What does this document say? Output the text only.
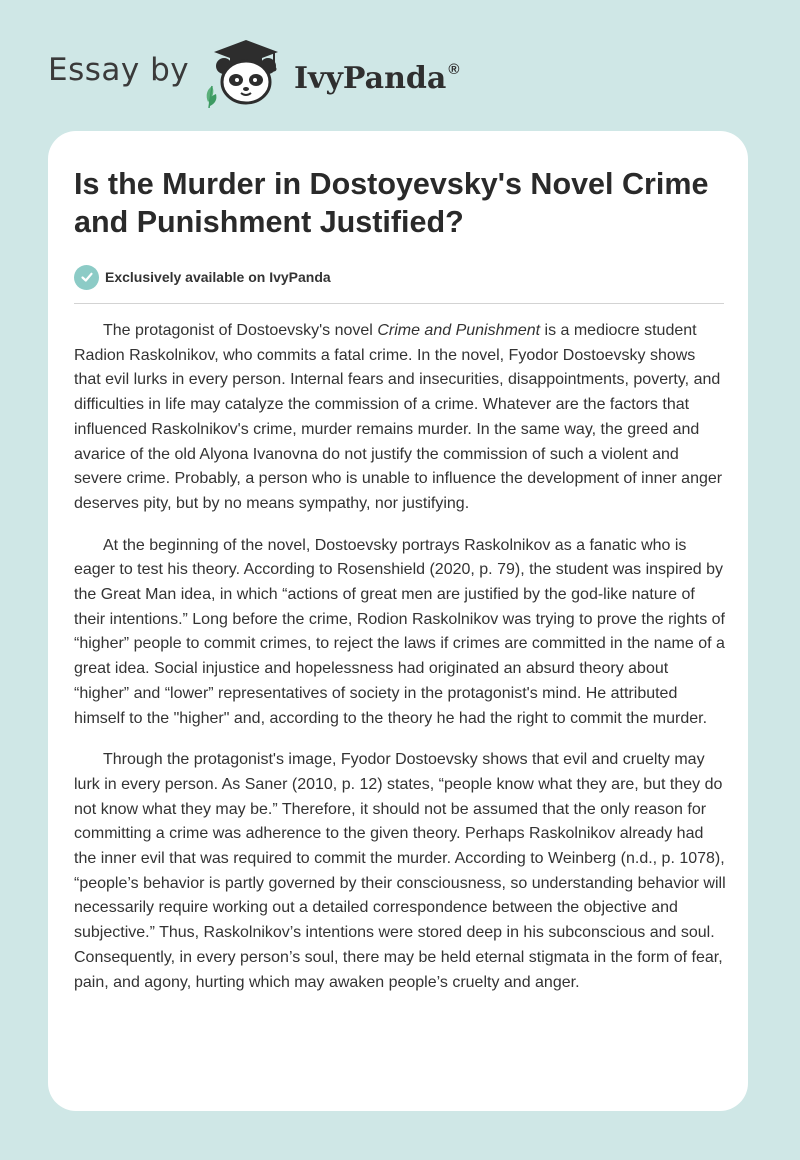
Essay by	IvyPanda ®
Is the Murder in Dostoyevsky's Novel Crime and Punishment Justified?
Exclusively available on IvyPanda

The protagonist of Dostoevsky's novel Crime and Punishment is a mediocre student Radion Raskolnikov, who commits a fatal crime. In the novel, Fyodor Dostoevsky shows that evil lurks in every person. Internal fears and insecurities, disappointments, poverty, and difficulties in life may catalyze the commission of a crime. Whatever are the factors that influenced Raskolnikov's crime, murder remains murder. In the same way, the greed and avarice of the old Alyona Ivanovna do not justify the commission of such a violent and severe crime. Probably, a person who is unable to influence the development of inner anger deserves pity, but by no means sympathy, nor justifying.

At the beginning of the novel, Dostoevsky portrays Raskolnikov as a fanatic who is eager to test his theory. According to Rosenshield (2020, p. 79), the student was inspired by the Great Man idea, in which “actions of great men are justified by the god-like nature of their intentions.” Long before the crime, Rodion Raskolnikov was trying to prove the rights of “higher” people to commit crimes, to reject the laws if crimes are committed in the name of a great idea. Social injustice and hopelessness had originated an absurd theory about “higher” and “lower” representatives of society in the protagonist's mind. He attributed himself to the "higher" and, according to the theory he had the right to commit the murder.

Through the protagonist's image, Fyodor Dostoevsky shows that evil and cruelty may lurk in every person. As Saner (2010, p. 12) states, “people know what they are, but they do not know what they may be.” Therefore, it should not be assumed that the only reason for committing a crime was adherence to the given theory. Perhaps Raskolnikov already had the inner evil that was required to commit the murder. According to Weinberg (n.d., p. 1078), “people’s behavior is partly governed by their consciousness, so understanding behavior will necessarily require working out a detailed correspondence between the objective and subjective.” Thus, Raskolnikov’s intentions were stored deep in his subconscious and soul. Consequently, in every person’s soul, there may be held eternal stigmata in the form of fear, pain, and agony, hurting which may awaken people’s cruelty and anger.
